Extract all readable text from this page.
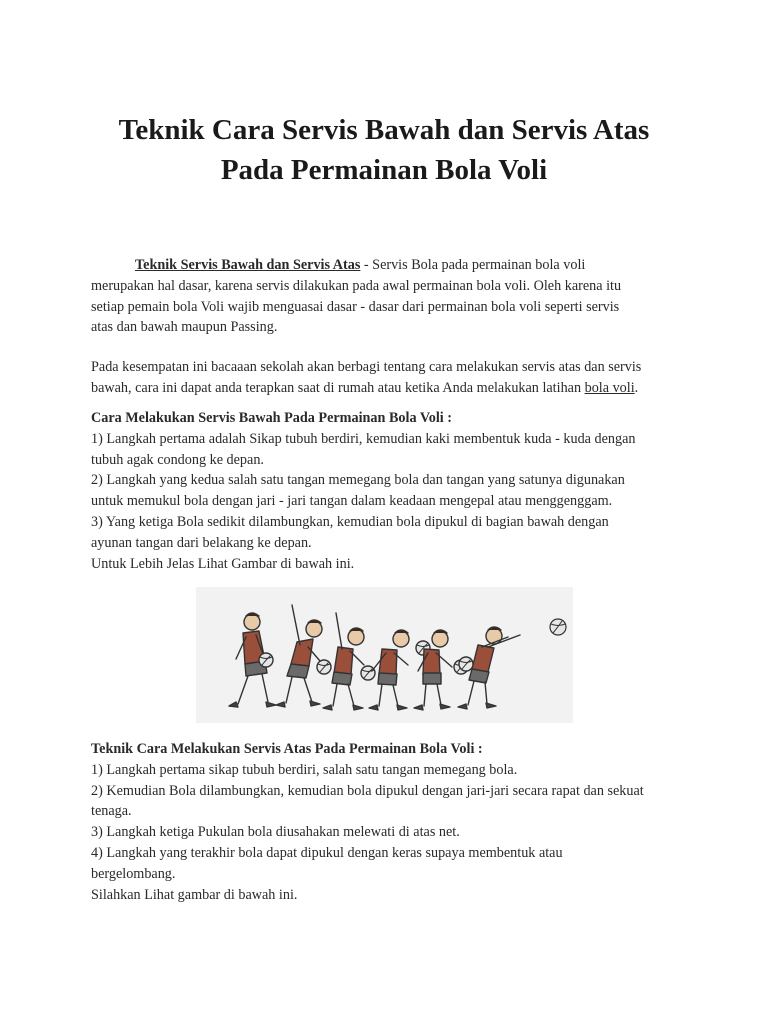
Teknik Cara Servis Bawah dan Servis Atas
Pada Permainan Bola Voli
Teknik Servis Bawah dan Servis Atas - Servis Bola pada permainan bola voli
merupakan hal dasar, karena servis dilakukan pada awal permainan bola voli. Oleh karena itu
setiap pemain bola Voli wajib menguasai dasar - dasar dari permainan bola voli seperti servis
atas dan bawah maupun Passing.
Pada kesempatan ini bacaaan sekolah akan berbagi tentang cara melakukan servis atas dan servis
bawah, cara ini dapat anda terapkan saat di rumah atau ketika Anda melakukan latihan bola voli.
Cara Melakukan Servis Bawah Pada Permainan Bola Voli :
1) Langkah pertama adalah Sikap tubuh berdiri, kemudian kaki membentuk kuda - kuda dengan
tubuh agak condong ke depan.
2) Langkah yang kedua salah satu tangan memegang bola dan tangan yang satunya digunakan
untuk memukul bola dengan jari - jari tangan dalam keadaan mengepal atau menggenggam.
3) Yang ketiga Bola sedikit dilambungkan, kemudian bola dipukul di bagian bawah dengan
ayunan tangan dari belakang ke depan.
Untuk Lebih Jelas Lihat Gambar di bawah ini.
Teknik Cara Melakukan Servis Atas Pada Permainan Bola Voli :
1) Langkah pertama sikap tubuh berdiri, salah satu tangan memegang bola.
2) Kemudian Bola dilambungkan, kemudian bola dipukul dengan jari-jari secara rapat dan sekuat
tenaga.
3) Langkah ketiga Pukulan bola diusahakan melewati di atas net.
4) Langkah yang terakhir bola dapat dipukul dengan keras supaya membentuk atau
bergelombang.
Silahkan Lihat gambar di bawah ini.
